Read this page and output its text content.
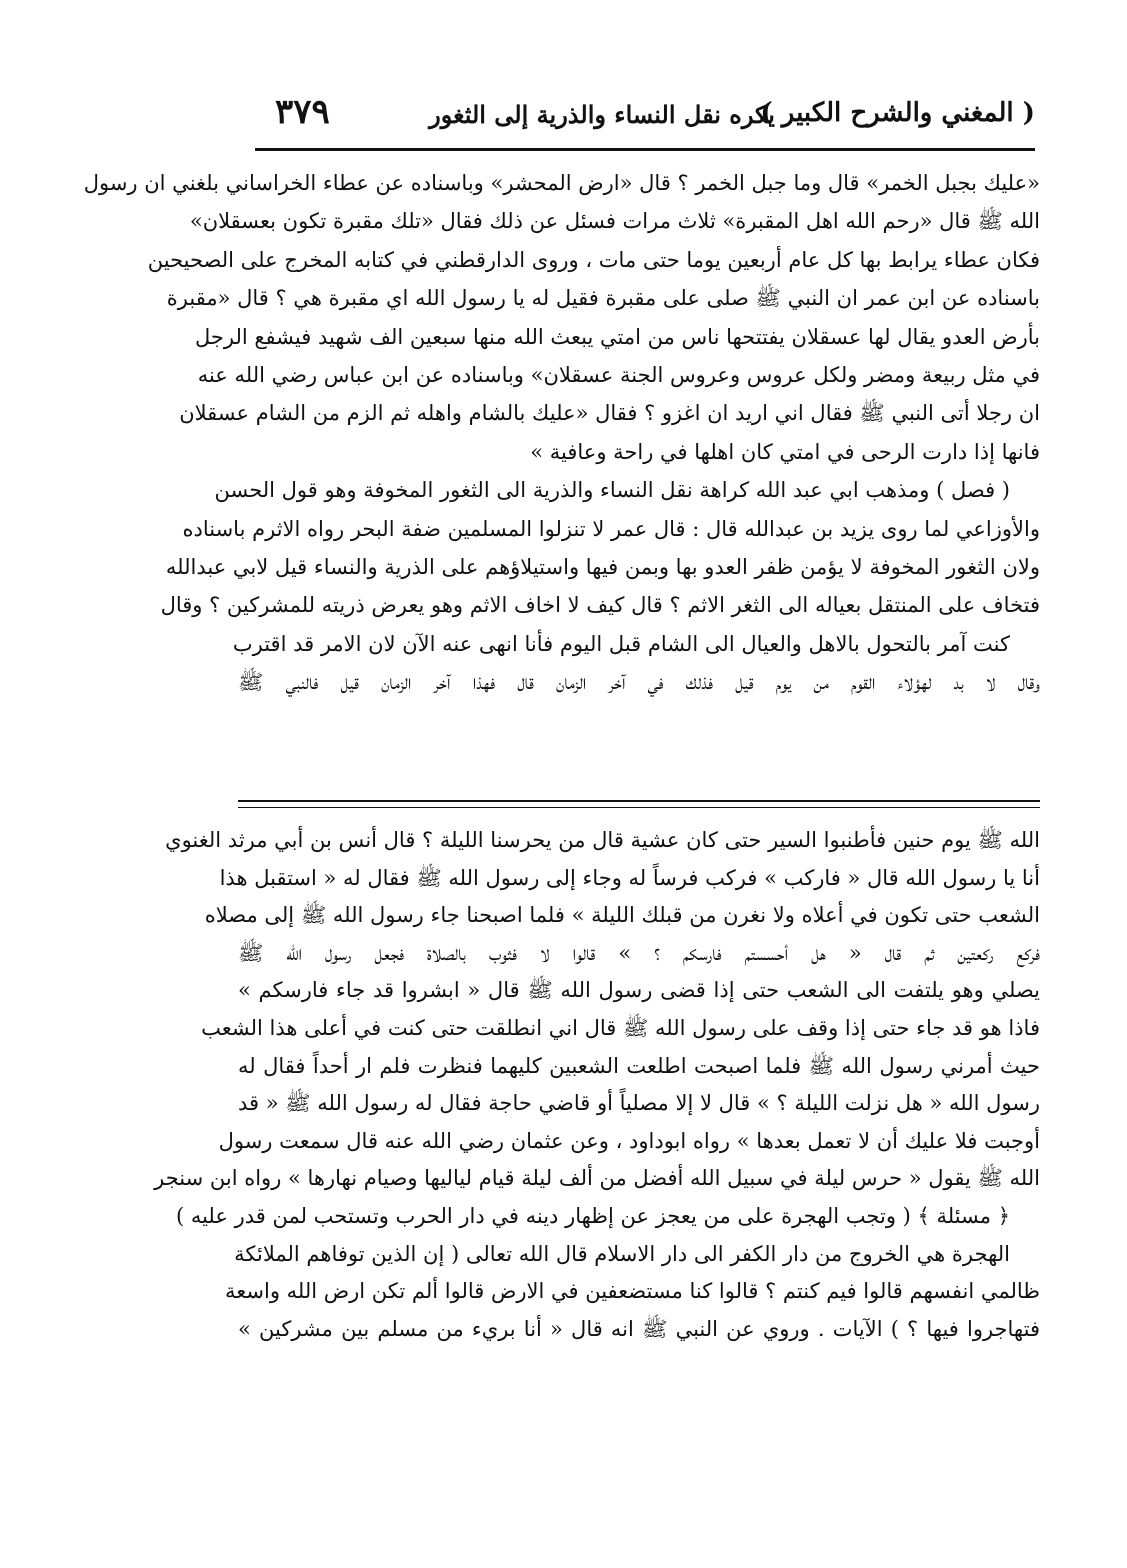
( المغني والشرح الكبير )
يكره نقل النساء والذرية إلى الثغور
٣٧٩
«عليك بجبل الخمر» قال وما جبل الخمر ؟ قال «ارض المحشر» وباسناده عن عطاء الخراساني بلغني ان رسول
الله ﷺ قال «رحم الله اهل المقبرة» ثلاث مرات فسئل عن ذلك فقال «تلك مقبرة تكون بعسقلان»
فكان عطاء يرابط بها كل عام أربعين يوما حتى مات ، وروى الدارقطني في كتابه المخرج على الصحيحين
باسناده عن ابن عمر ان النبي ﷺ صلى على مقبرة فقيل له يا رسول الله اي مقبرة هي ؟ قال «مقبرة
بأرض العدو يقال لها عسقلان يفتتحها ناس من امتي يبعث الله منها سبعين الف شهيد فيشفع الرجل
في مثل ربيعة ومضر ولكل عروس وعروس الجنة عسقلان» وباسناده عن ابن عباس رضي الله عنه
ان رجلا أتى النبي ﷺ فقال اني اريد ان اغزو ؟ فقال «عليك بالشام واهله ثم الزم من الشام عسقلان
فانها إذا دارت الرحى في امتي كان اهلها في راحة وعافية »
( فصل ) ومذهب ابي عبد الله كراهة نقل النساء والذرية الى الثغور المخوفة وهو قول الحسن
والأوزاعي لما روى يزيد بن عبدالله قال : قال عمر لا تنزلوا المسلمين ضفة البحر رواه الاثرم باسناده
ولان الثغور المخوفة لا يؤمن ظفر العدو بها وبمن فيها واستيلاؤهم على الذرية والنساء قيل لابي عبدالله
فتخاف على المنتقل بعياله الى الثغر الاثم ؟ قال كيف لا اخاف الاثم وهو يعرض ذريته للمشركين ؟ وقال
كنت آمر بالتحول بالاهل والعيال الى الشام قبل اليوم فأنا انهى عنه الآن لان الامر قد اقترب
وقال لا بد لهؤلاء القوم من يوم قيل فذلك في آخر الزمان قال فهذا آخر الزمان قيل فالنبي ﷺ
الله ﷺ يوم حنين فأطنبوا السير حتى كان عشية قال من يحرسنا الليلة ؟ قال أنس بن أبي مرثد الغنوي
أنا يا رسول الله قال « فاركب » فركب فرساً له وجاء إلى رسول الله ﷺ فقال له « استقبل هذا
الشعب حتى تكون في أعلاه ولا نغرن من قبلك الليلة » فلما اصبحنا جاء رسول الله ﷺ إلى مصلاه
فركع ركعتين ثم قال « هل أحسستم فارسكم ؟ » قالوا لا فثوب بالصلاة فجعل رسول الله ﷺ
يصلي وهو يلتفت الى الشعب حتى إذا قضى رسول الله ﷺ قال « ابشروا قد جاء فارسكم »
فاذا هو قد جاء حتى إذا وقف على رسول الله ﷺ قال اني انطلقت حتى كنت في أعلى هذا الشعب
حيث أمرني رسول الله ﷺ فلما اصبحت اطلعت الشعبين كليهما فنظرت فلم ار أحداً فقال له
رسول الله « هل نزلت الليلة ؟ » قال لا إلا مصلياً أو قاضي حاجة فقال له رسول الله ﷺ « قد
أوجبت فلا عليك أن لا تعمل بعدها » رواه ابوداود ، وعن عثمان رضي الله عنه قال سمعت رسول
الله ﷺ يقول « حرس ليلة في سبيل الله أفضل من ألف ليلة قيام لياليها وصيام نهارها » رواه ابن سنجر
﴿ مسئلة ﴾ ( وتجب الهجرة على من يعجز عن إظهار دينه في دار الحرب وتستحب لمن قدر عليه )
الهجرة هي الخروج من دار الكفر الى دار الاسلام قال الله تعالى ( إن الذين توفاهم الملائكة
ظالمي انفسهم قالوا فيم كنتم ؟ قالوا كنا مستضعفين في الارض قالوا ألم تكن ارض الله واسعة
فتهاجروا فيها ؟ ) الآيات . وروي عن النبي ﷺ انه قال « أنا بريء من مسلم بين مشركين »
